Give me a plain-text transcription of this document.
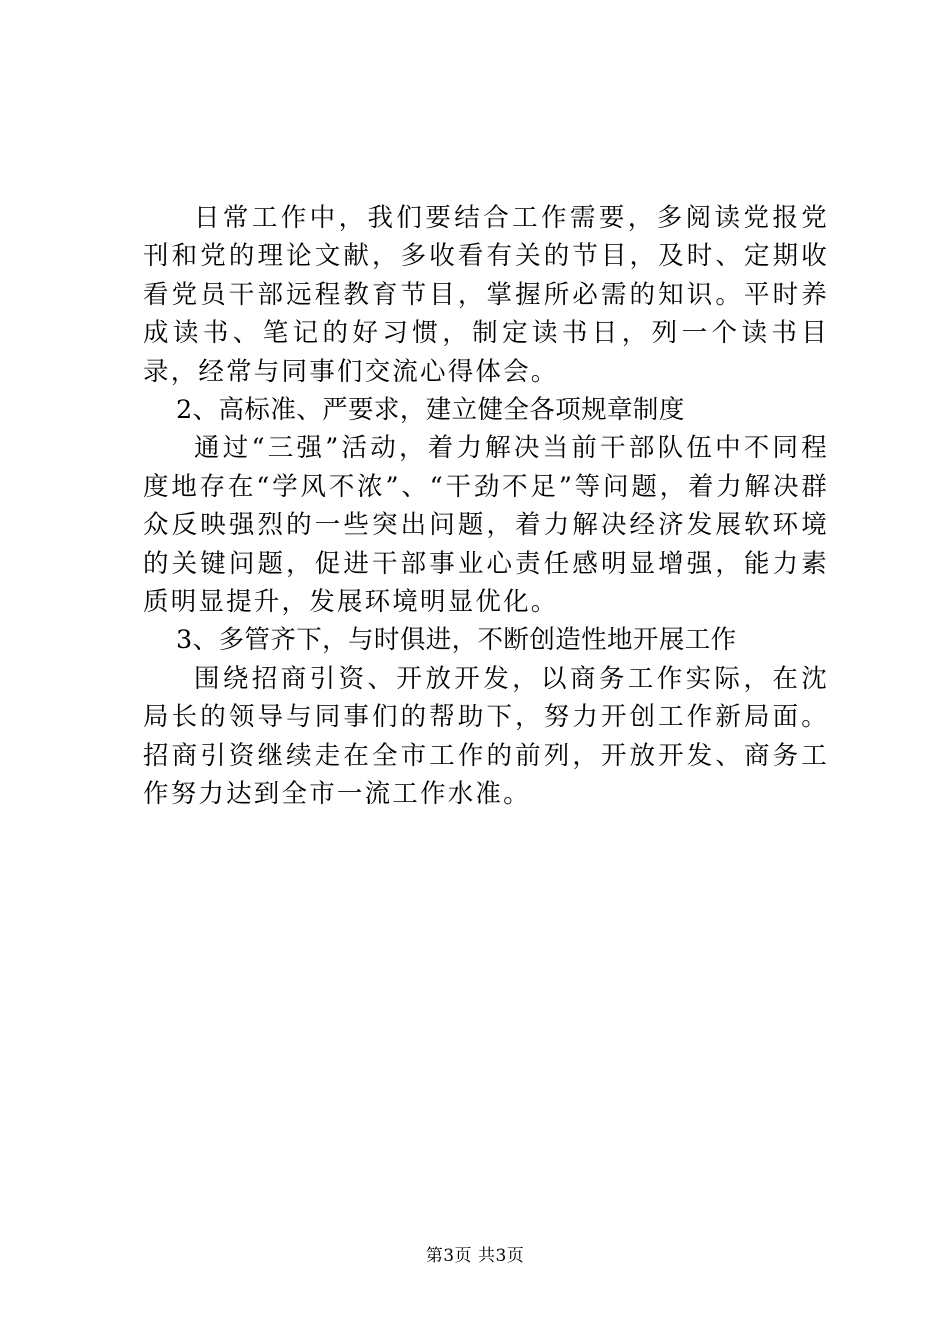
日常工作中，我们要结合工作需要，多阅读党报党刊和党的理论文献，多收看有关的节目，及时、定期收看党员干部远程教育节目，掌握所必需的知识。平时养成读书、笔记的好习惯，制定读书日，列一个读书目录，经常与同事们交流心得体会。

2、高标准、严要求，建立健全各项规章制度

通过“三强”活动，着力解决当前干部队伍中不同程度地存在“学风不浓”、“干劲不足”等问题，着力解决群众反映强烈的一些突出问题，着力解决经济发展软环境的关键问题，促进干部事业心责任感明显增强，能力素质明显提升，发展环境明显优化。

3、多管齐下，与时俱进，不断创造性地开展工作

围绕招商引资、开放开发，以商务工作实际，在沈局长的领导与同事们的帮助下，努力开创工作新局面。招商引资继续走在全市工作的前列，开放开发、商务工作努力达到全市一流工作水准。

第3页 共3页
